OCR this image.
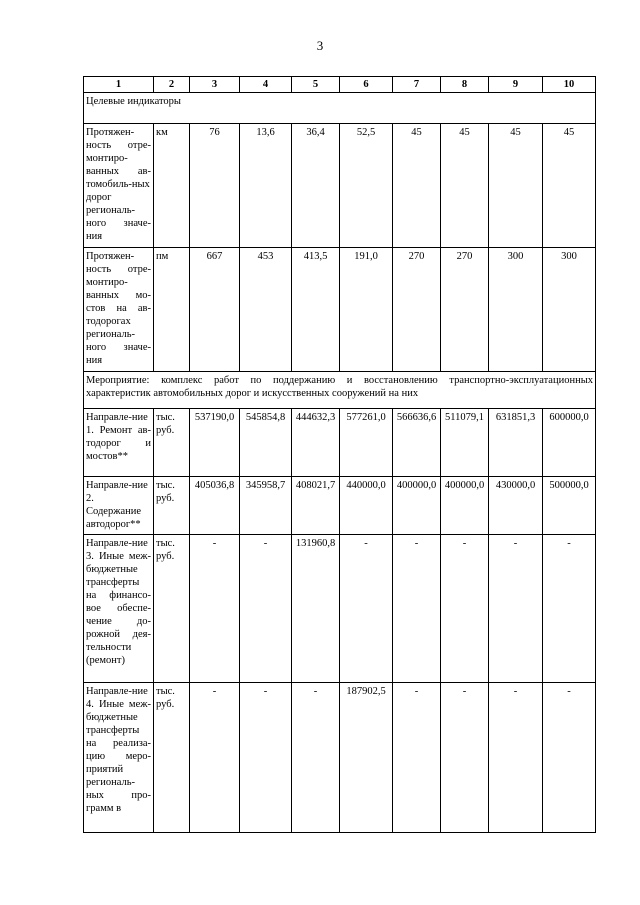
3
1	2	3	4	5	6	7	8	9	10
Целевые индикаторы									
Протяжен-ность отре-монтиро-ванных ав-томобиль-ных дорог региональ-ного значе-ния	км	76	13,6	36,4	52,5	45	45	45	45
Протяжен-ность отре-монтиро-ванных мо-стов на ав-тодорогах региональ-ного значе-ния	пм	667	453	413,5	191,0	270	270	300	300
Мероприятие: комплекс работ по поддержанию и восстановлению транспортно-эксплуатационных характеристик автомобильных дорог и искусственных сооружений на них									
Направле-ние 1. Ремонт ав-тодорог и мостов**	тыс. руб.	537190,0	545854,8	444632,3	577261,0	566636,6	511079,1	631851,3	600000,0
Направле-ние 2. Содержание автодорог**	тыс. руб.	405036,8	345958,7	408021,7	440000,0	400000,0	400000,0	430000,0	500000,0
Направле-ние 3. Иные меж-бюджетные трансферты на финансо-вое обеспе-чение до-рожной дея-тельности (ремонт)	тыс. руб.	-	-	131960,8	-	-	-	-	-
Направле-ние 4. Иные меж-бюджетные трансферты на реализа-цию меро-приятий региональ-ных про-грамм в	тыс. руб.	-	-	-	187902,5	-	-	-	-
